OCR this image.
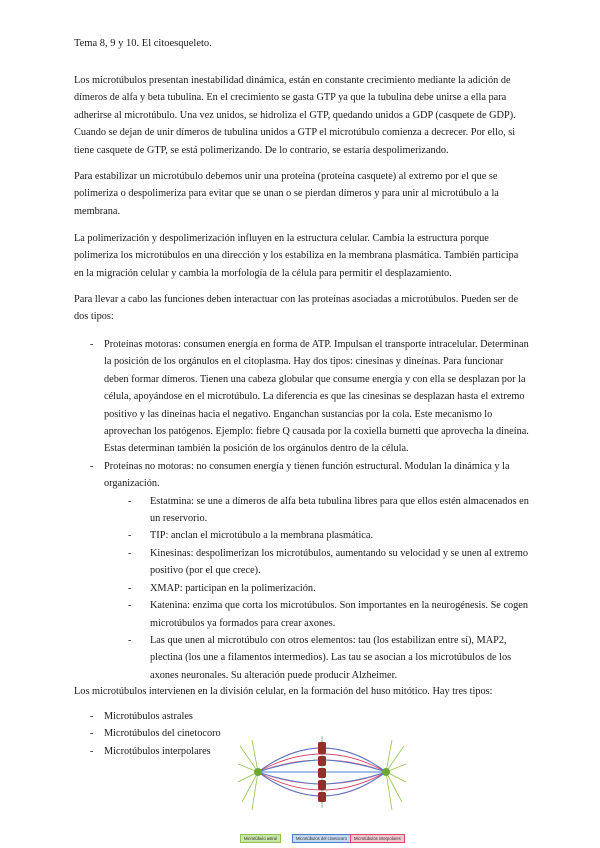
Tema 8, 9 y 10. El citoesqueleto.

Los microtúbulos presentan inestabilidad dinámica, están en constante crecimiento mediante la adición de dímeros de alfa y beta tubulina. En el crecimiento se gasta GTP ya que la tubulina debe unirse a ella para adherirse al microtúbulo. Una vez unidos, se hidroliza el GTP, quedando unidos a GDP (casquete de GDP). Cuando se dejan de unir dímeros de tubulina unidos a GTP el microtúbulo comienza a decrecer. Por ello, si tiene casquete de GTP, se está polimerizando. De lo contrario, se estaría despolimerizando.

Para estabilizar un microtúbulo debemos unir una proteína (proteína casquete) al extremo por el que se polimeriza o despolimeriza para evitar que se unan o se pierdan dímeros y para unir al microtúbulo a la membrana.

La polimerización y despolimerización influyen en la estructura celular. Cambia la estructura porque polimeriza los microtúbulos en una dirección y los estabiliza en la membrana plasmática. También participa en la migración celular y cambia la morfología de la célula para permitir el desplazamiento.

Para llevar a cabo las funciones deben interactuar con las proteínas asociadas a microtúbulos. Pueden ser de dos tipos:

- Proteínas motoras: consumen energía en forma de ATP. Impulsan el transporte intracelular. Determinan la posición de los orgánulos en el citoplasma. Hay dos tipos: cinesinas y dineínas. Para funcionar deben formar dímeros. Tienen una cabeza globular que consume energía y con ella se desplazan por la célula, apoyándose en el microtúbulo. La diferencia es que las cinesinas se desplazan hasta el extremo positivo y las dineínas hacia el negativo. Enganchan sustancias por la cola. Este mecanismo lo aprovechan los patógenos. Ejemplo: fiebre Q causada por la coxiella burnetti que aprovecha la dineína. Estas determinan también la posición de los orgánulos dentro de la célula.
- Proteínas no motoras: no consumen energía y tienen función estructural. Modulan la dinámica y la organización.
- Estatmina: se une a dímeros de alfa beta tubulina libres para que ellos estén almacenados en un reservorio.
- TIP: anclan el microtúbulo a la membrana plasmática.
- Kinesinas: despolimerizan los microtúbulos, aumentando su velocidad y se unen al extremo positivo (por el que crece).
- XMAP: participan en la polimerización.
- Katenina: enzima que corta los microtúbulos. Son importantes en la neurogénesis. Se cogen microtúbulos ya formados para crear axones.
- Las que unen al microtúbulo con otros elementos: tau (los estabilizan entre sí), MAP2, plectina (los une a filamentos intermedios). Las tau se asocian a los microtúbulos de los axones neuronales. Su alteración puede producir Alzheimer.

Los microtúbulos intervienen en la división celular, en la formación del huso mitótico. Hay tres tipos:

- Microtúbulos astrales
- Microtúbulos del cinetocoro
- Microtúbulos interpolares
Microtúbulo astral	Microtúbulos del cinetocoro	Microtúbulos interpolares
